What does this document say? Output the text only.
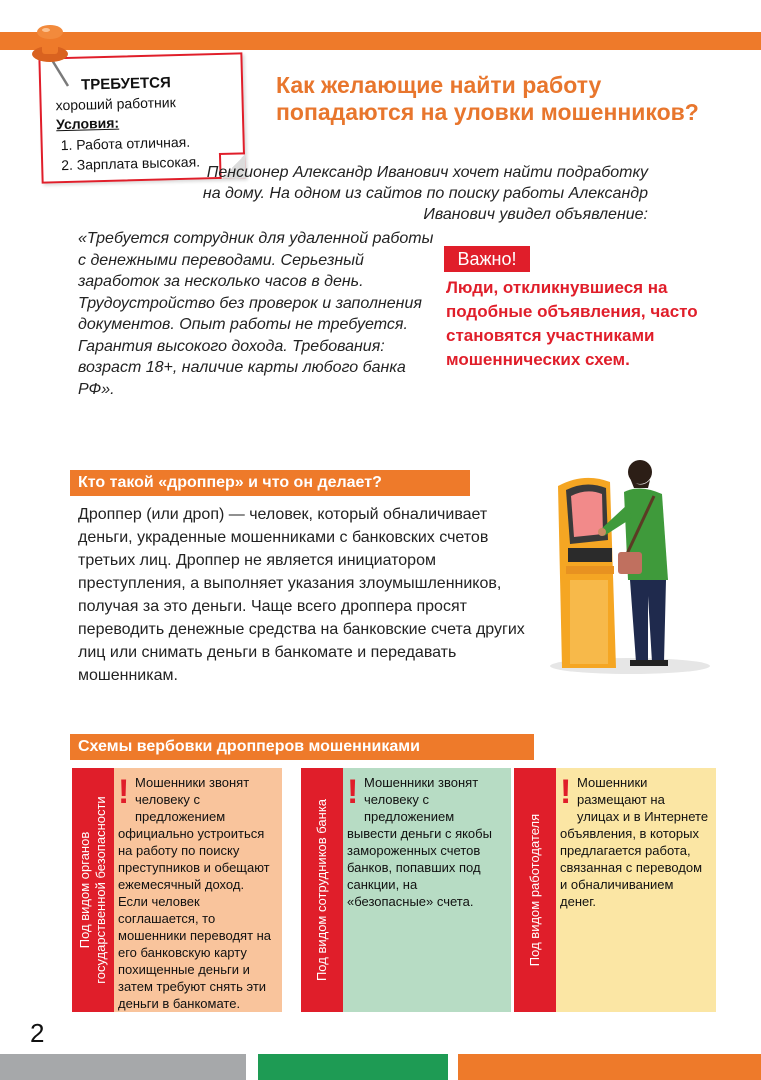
ТРЕБУЕТСЯ
хороший работник
Условия:
1. Работа отличная.
2. Зарплата высокая.
Как желающие найти работу попадаются на уловки мошенников?
Пенсионер Александр Иванович хочет найти подработку на дому. На одном из сайтов по поиску работы Александр Иванович увидел объявление:
«Требуется сотрудник для удаленной работы с денежными переводами. Серьезный заработок за несколько часов в день. Трудоустройство без проверок и заполнения документов. Опыт работы не требуется. Гарантия высокого дохода. Требования: возраст 18+, наличие карты любого банка РФ».
Важно!
Люди, откликнувшиеся на подобные объявления, часто становятся участниками мошеннических схем.
Кто такой «дроппер» и что он делает?
Дроппер (или дроп) — человек, который обналичивает деньги, украденные мошенниками с банковских счетов третьих лиц. Дроппер не является инициатором преступления, а выполняет указания злоумышленников, получая за это деньги. Чаще всего дроппера просят переводить денежные средства на банковские счета других лиц или снимать деньги в банкомате и передавать мошенникам.
Схемы вербовки дропперов мошенниками
Под видом органов
государственной безопасности
! Мошенники звонят человеку с предложением официально устроиться на работу по поиску преступников и обещают ежемесячный доход. Если человек соглашается, то мошенники переводят на его банковскую карту похищенные деньги и затем требуют снять эти деньги в банкомате.
Под видом сотрудников банка
! Мошенники звонят человеку с предложением вывести деньги с якобы замороженных счетов банков, попавших под санкции, на «безопасные» счета.	Под видом работодателя
! Мошенники размещают на улицах и в Интернете объявления, в которых предлагается работа, связанная с переводом и обналичиванием денег.
2
